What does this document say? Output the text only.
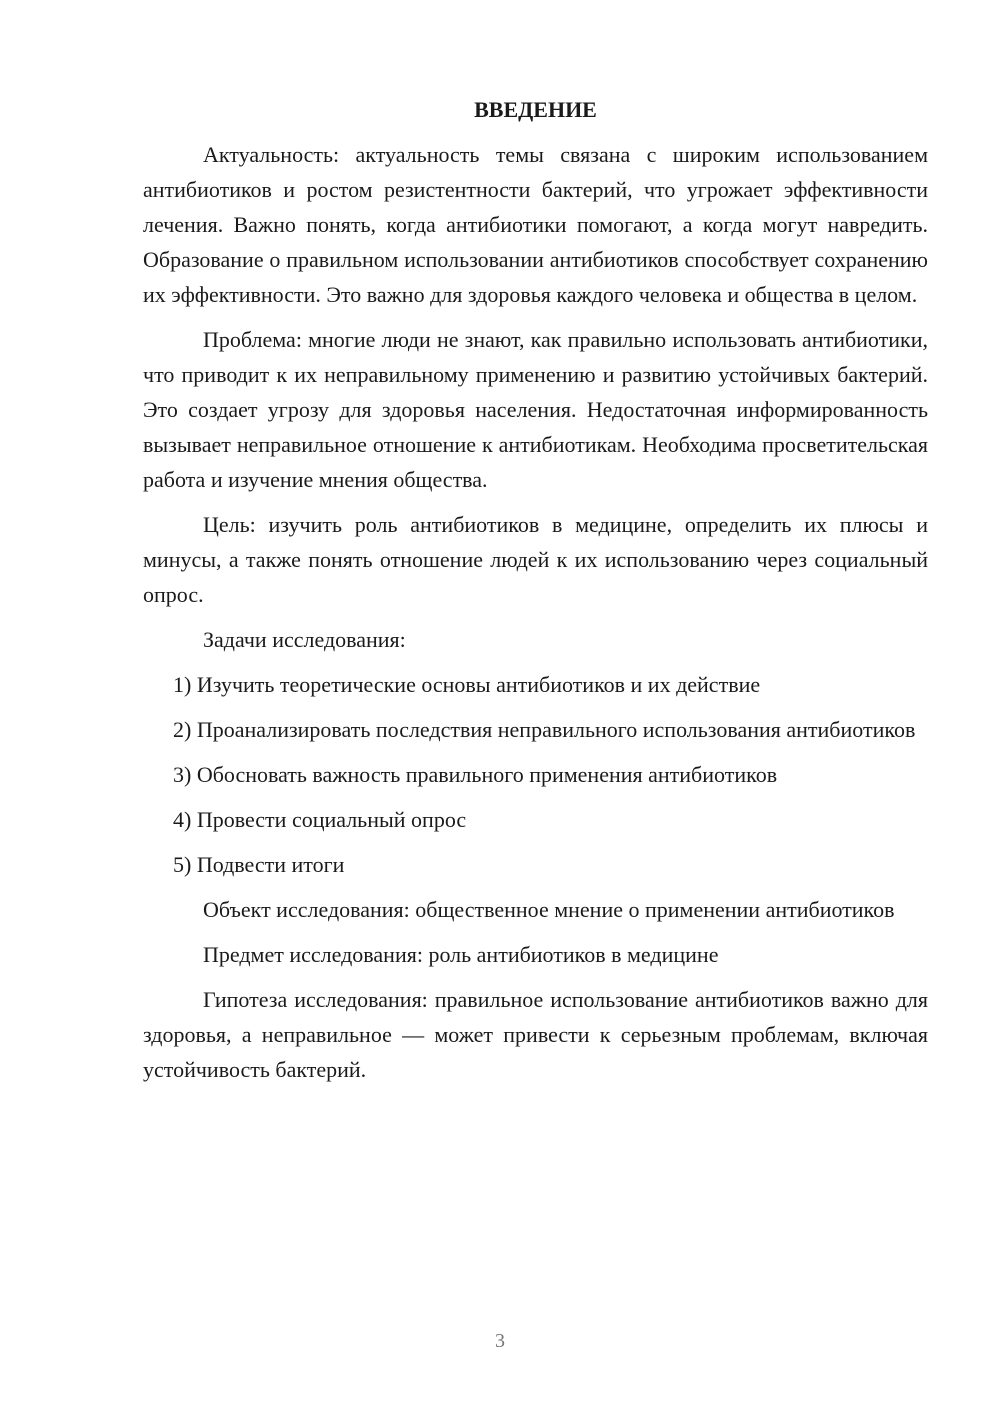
ВВЕДЕНИЕ

Актуальность: актуальность темы связана с широким использованием антибиотиков и ростом резистентности бактерий, что угрожает эффективности лечения. Важно понять, когда антибиотики помогают, а когда могут навредить. Образование о правильном использовании антибиотиков способствует сохранению их эффективности. Это важно для здоровья каждого человека и общества в целом.

Проблема: многие люди не знают, как правильно использовать антибиотики, что приводит к их неправильному применению и развитию устойчивых бактерий. Это создает угрозу для здоровья населения. Недостаточная информированность вызывает неправильное отношение к антибиотикам. Необходима просветительская работа и изучение мнения общества.

Цель: изучить роль антибиотиков в медицине, определить их плюсы и минусы, а также понять отношение людей к их использованию через социальный опрос.

Задачи исследования:

1) Изучить теоретические основы антибиотиков и их действие

2) Проанализировать последствия неправильного использования антибиотиков

3) Обосновать важность правильного применения антибиотиков

4) Провести социальный опрос

5) Подвести итоги

Объект исследования: общественное мнение о применении антибиотиков

Предмет исследования: роль антибиотиков в медицине

Гипотеза исследования: правильное использование антибиотиков важно для здоровья, а неправильное — может привести к серьезным проблемам, включая устойчивость бактерий.

3
